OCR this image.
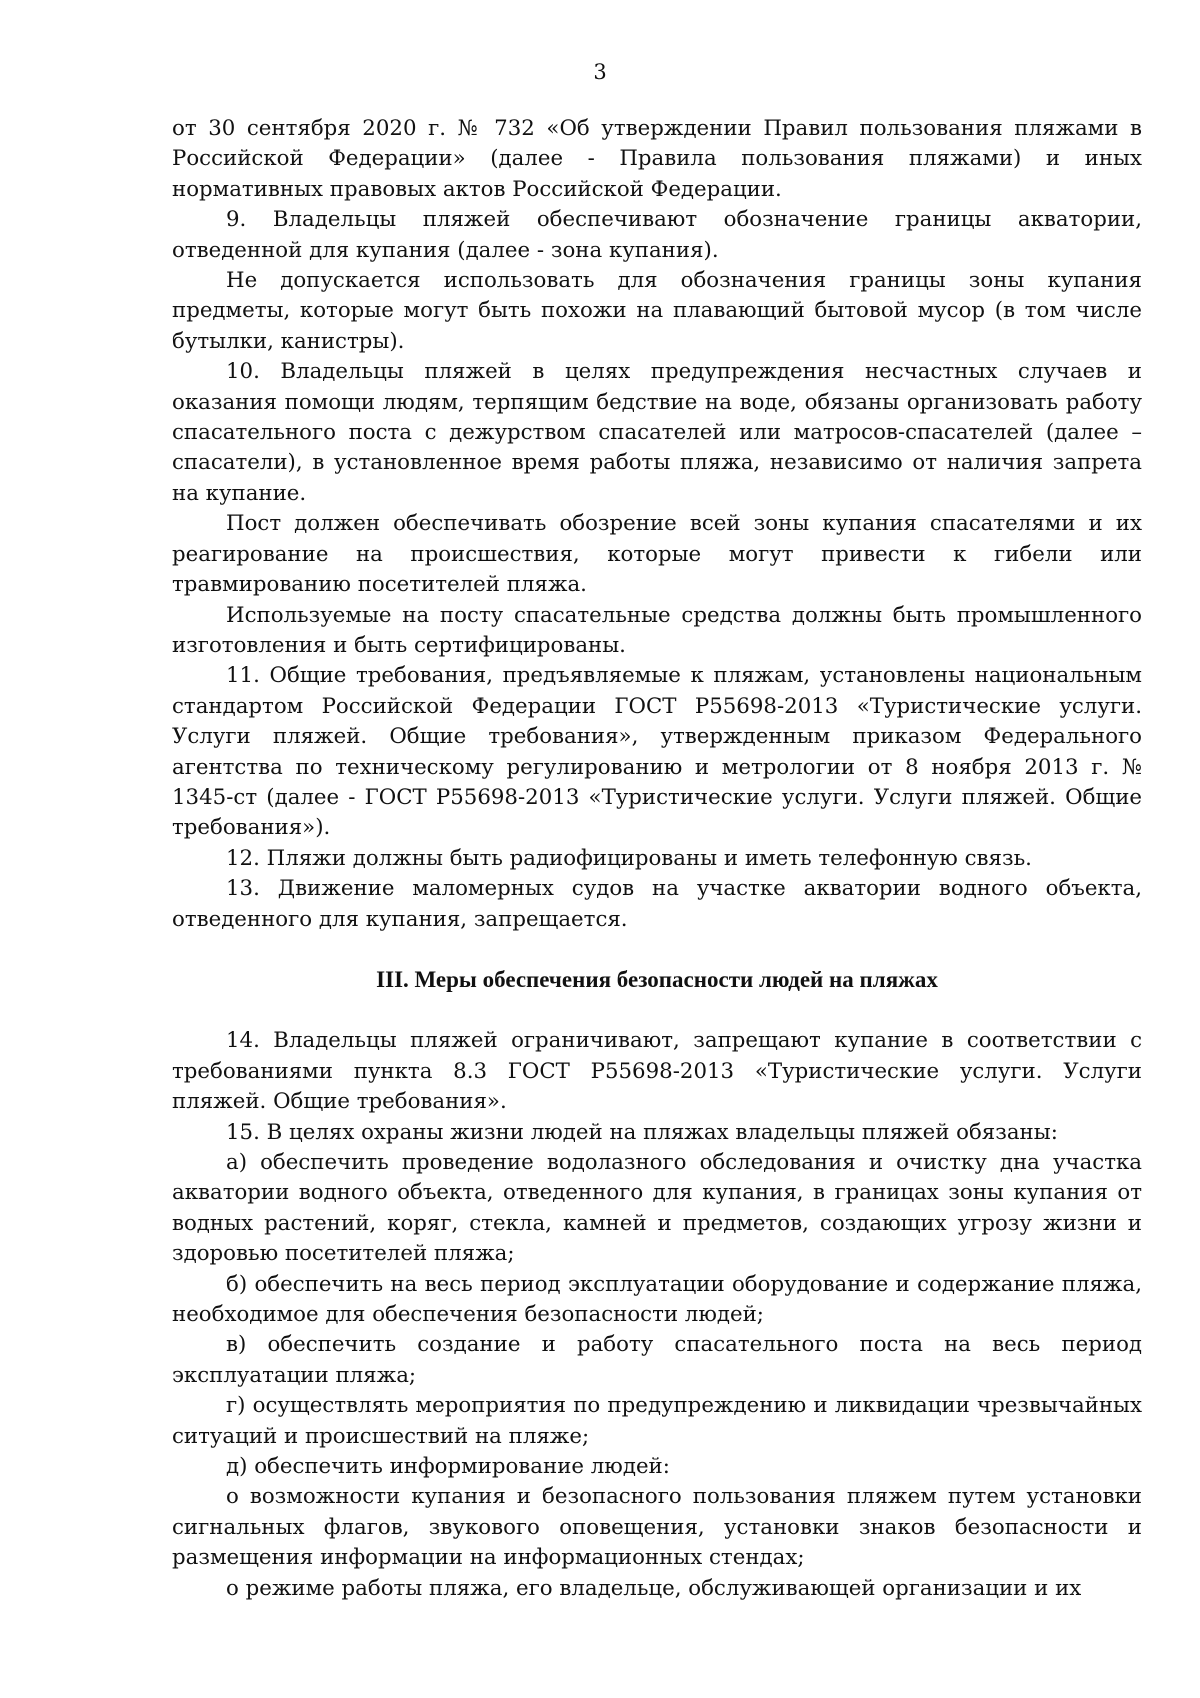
3

от 30 сентября 2020 г. № 732 «Об утверждении Правил пользования пляжами в Российской Федерации» (далее - Правила пользования пляжами) и иных нормативных правовых актов Российской Федерации.

9. Владельцы пляжей обеспечивают обозначение границы акватории, отведенной для купания (далее - зона купания).

Не допускается использовать для обозначения границы зоны купания предметы, которые могут быть похожи на плавающий бытовой мусор (в том числе бутылки, канистры).

10. Владельцы пляжей в целях предупреждения несчастных случаев и оказания помощи людям, терпящим бедствие на воде, обязаны организовать работу спасательного поста с дежурством спасателей или матросов-спасателей (далее – спасатели), в установленное время работы пляжа, независимо от наличия запрета на купание.

Пост должен обеспечивать обозрение всей зоны купания спасателями и их реагирование на происшествия, которые могут привести к гибели или травмированию посетителей пляжа.

Используемые на посту спасательные средства должны быть промышленного изготовления и быть сертифицированы.

11. Общие требования, предъявляемые к пляжам, установлены национальным стандартом Российской Федерации ГОСТ Р55698-2013 «Туристические услуги. Услуги пляжей. Общие требования», утвержденным приказом Федерального агентства по техническому регулированию и метрологии от 8 ноября 2013 г. № 1345-ст (далее - ГОСТ Р55698-2013 «Туристические услуги. Услуги пляжей. Общие требования»).

12. Пляжи должны быть радиофицированы и иметь телефонную связь.

13. Движение маломерных судов на участке акватории водного объекта, отведенного для купания, запрещается.

III. Меры обеспечения безопасности людей на пляжах

14. Владельцы пляжей ограничивают, запрещают купание в соответствии с требованиями пункта 8.3 ГОСТ Р55698-2013 «Туристические услуги. Услуги пляжей. Общие требования».

15. В целях охраны жизни людей на пляжах владельцы пляжей обязаны:

а) обеспечить проведение водолазного обследования и очистку дна участка акватории водного объекта, отведенного для купания, в границах зоны купания от водных растений, коряг, стекла, камней и предметов, создающих угрозу жизни и здоровью посетителей пляжа;

б) обеспечить на весь период эксплуатации оборудование и содержание пляжа, необходимое для обеспечения безопасности людей;

в) обеспечить создание и работу спасательного поста на весь период эксплуатации пляжа;

г) осуществлять мероприятия по предупреждению и ликвидации чрезвычайных ситуаций и происшествий на пляже;

д) обеспечить информирование людей:

о возможности купания и безопасного пользования пляжем путем установки сигнальных флагов, звукового оповещения, установки знаков безопасности и размещения информации на информационных стендах;

о режиме работы пляжа, его владельце, обслуживающей организации и их
